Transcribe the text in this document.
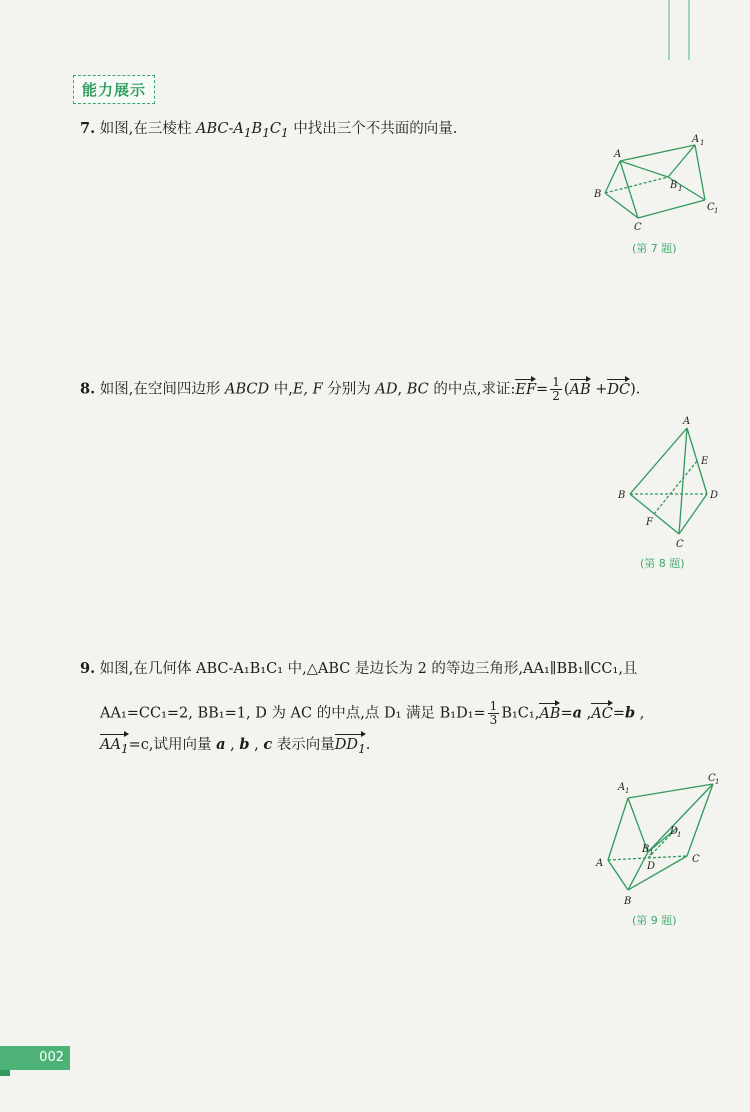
能力展示
7. 如图,在三棱柱 ABC-$A_1B_1C_1$ 中找出三个不共面的向量.
A
B
C
A 1
B 1
C 1
(第 7 题)
8. 如图,在空间四边形 ABCD 中,E, F 分别为 AD, BC 的中点,求证:EF= $\frac{1}{2} (AB +DC)$.
A
B
C
D
E
F
(第 8 题)
9. 如图,在几何体 ABC-A₁B₁C₁ 中,△ABC 是边长为 2 的等边三角形,AA₁∥BB₁∥CC₁,且
AA₁=CC₁=2, BB₁=1, D 为 AC 的中点,点 D₁ 满足 $B_1D_1= \frac{1}{3} B_1C_1,AB=a$ ,AC=b ,
$AA_1=c$,试用向量 a , b , c 表示向量$DD_1$.
A 1
A
B
C
C 1
D
1
B 1
D
(第 9 题)
002
